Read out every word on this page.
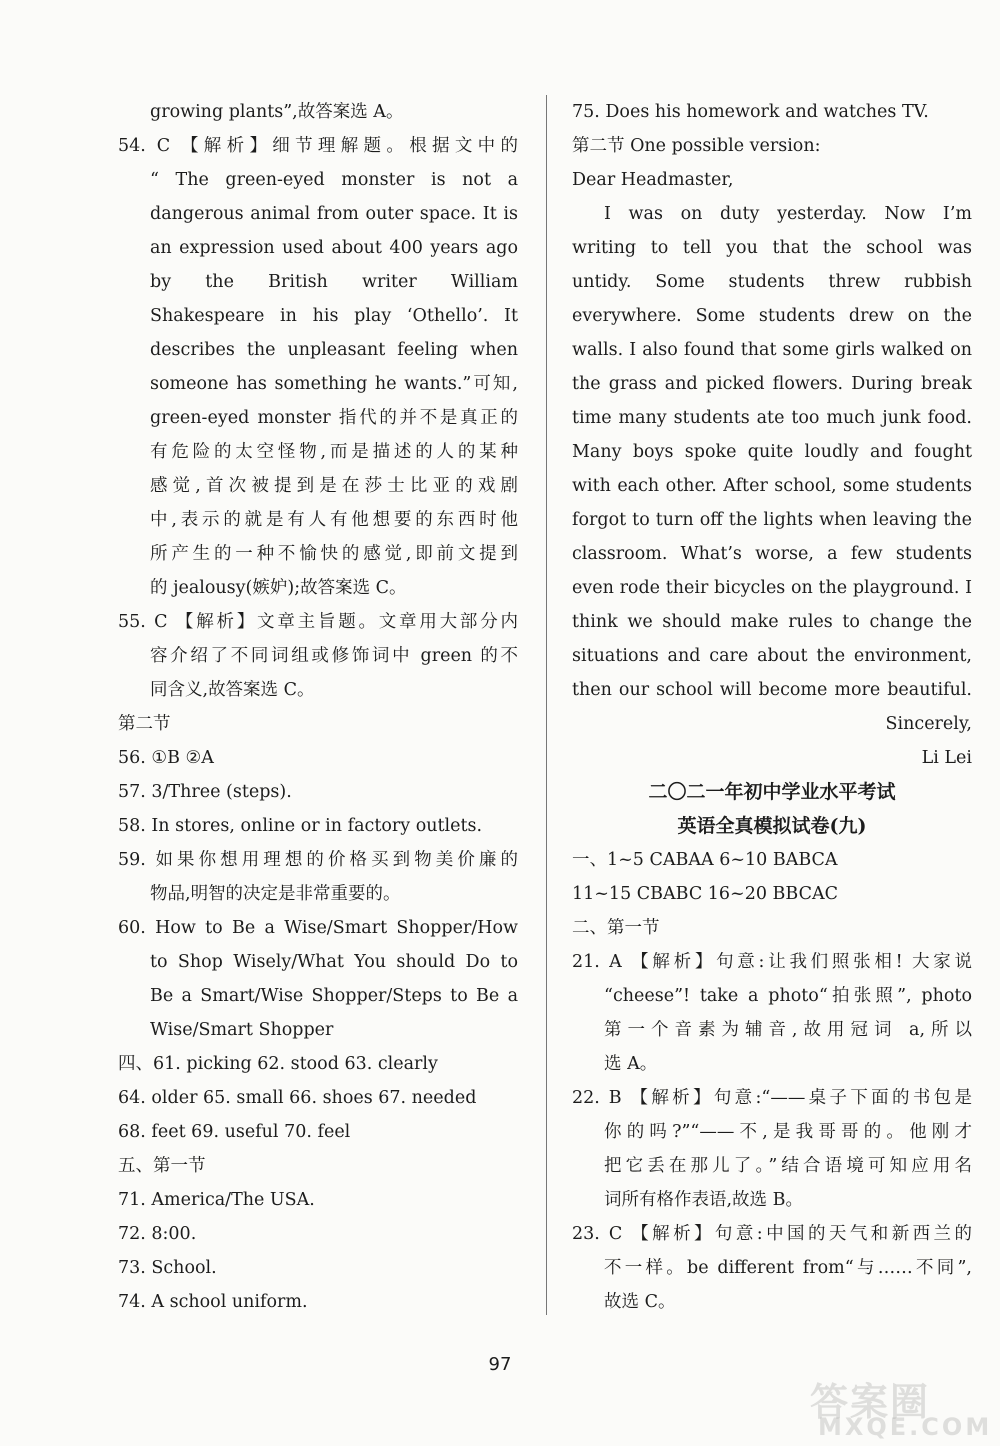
growing plants”,故答案选 A。
54. C 【解析】细节理解题。根据文中的
“ The green-eyed monster is not a
dangerous animal from outer space. It is
an expression used about 400 years ago
by the British writer William
Shakespeare in his play ‘Othello’. It
describes the unpleasant feeling when
someone has something he wants.”可知,
green-eyed monster 指代的并不是真正的
有危险的太空怪物,而是描述的人的某种
感觉,首次被提到是在莎士比亚的戏剧
中,表示的就是有人有他想要的东西时他
所产生的一种不愉快的感觉,即前文提到
的 jealousy(嫉妒);故答案选 C。
55. C 【解析】文章主旨题。文章用大部分内
容介绍了不同词组或修饰词中 green 的不
同含义,故答案选 C。
第二节
56. ①B ②A
57. 3/Three (steps).
58. In stores, online or in factory outlets.
59. 如果你想用理想的价格买到物美价廉的
物品,明智的决定是非常重要的。
60. How to Be a Wise/Smart Shopper/How
to Shop Wisely/What You should Do to
Be a Smart/Wise Shopper/Steps to Be a
Wise/Smart Shopper
四、61. picking 62. stood 63. clearly
64. older 65. small 66. shoes 67. needed
68. feet 69. useful 70. feel
五、第一节
71. America/The USA.
72. 8:00.
73. School.
74. A school uniform.
75. Does his homework and watches TV.
第二节 One possible version:
Dear Headmaster,
I was on duty yesterday. Now I’m
writing to tell you that the school was
untidy. Some students threw rubbish
everywhere. Some students drew on the
walls. I also found that some girls walked on
the grass and picked flowers. During break
time many students ate too much junk food.
Many boys spoke quite loudly and fought
with each other. After school, some students
forgot to turn off the lights when leaving the
classroom. What’s worse, a few students
even rode their bicycles on the playground. I
think we should make rules to change the
situations and care about the environment,
then our school will become more beautiful.
Sincerely,
Li Lei
二〇二一年初中学业水平考试
英语全真模拟试卷(九)
一、1~5 CABAA 6~10 BABCA
11~15 CBABC 16~20 BBCAC
二、第一节
21. A 【解析】句意:让我们照张相! 大家说
“cheese”! take a photo“拍张照”, photo
第一个音素为辅音,故用冠词 a,所以
选 A。
22. B 【解析】句意:“——桌子下面的书包是
你的吗?”“——不,是我哥哥的。他刚才
把它丢在那儿了。”结合语境可知应用名
词所有格作表语,故选 B。
23. C 【解析】句意:中国的天气和新西兰的
不一样。be different from“与……不同”,
故选 C。
97
答案圈
MXQE.COM
